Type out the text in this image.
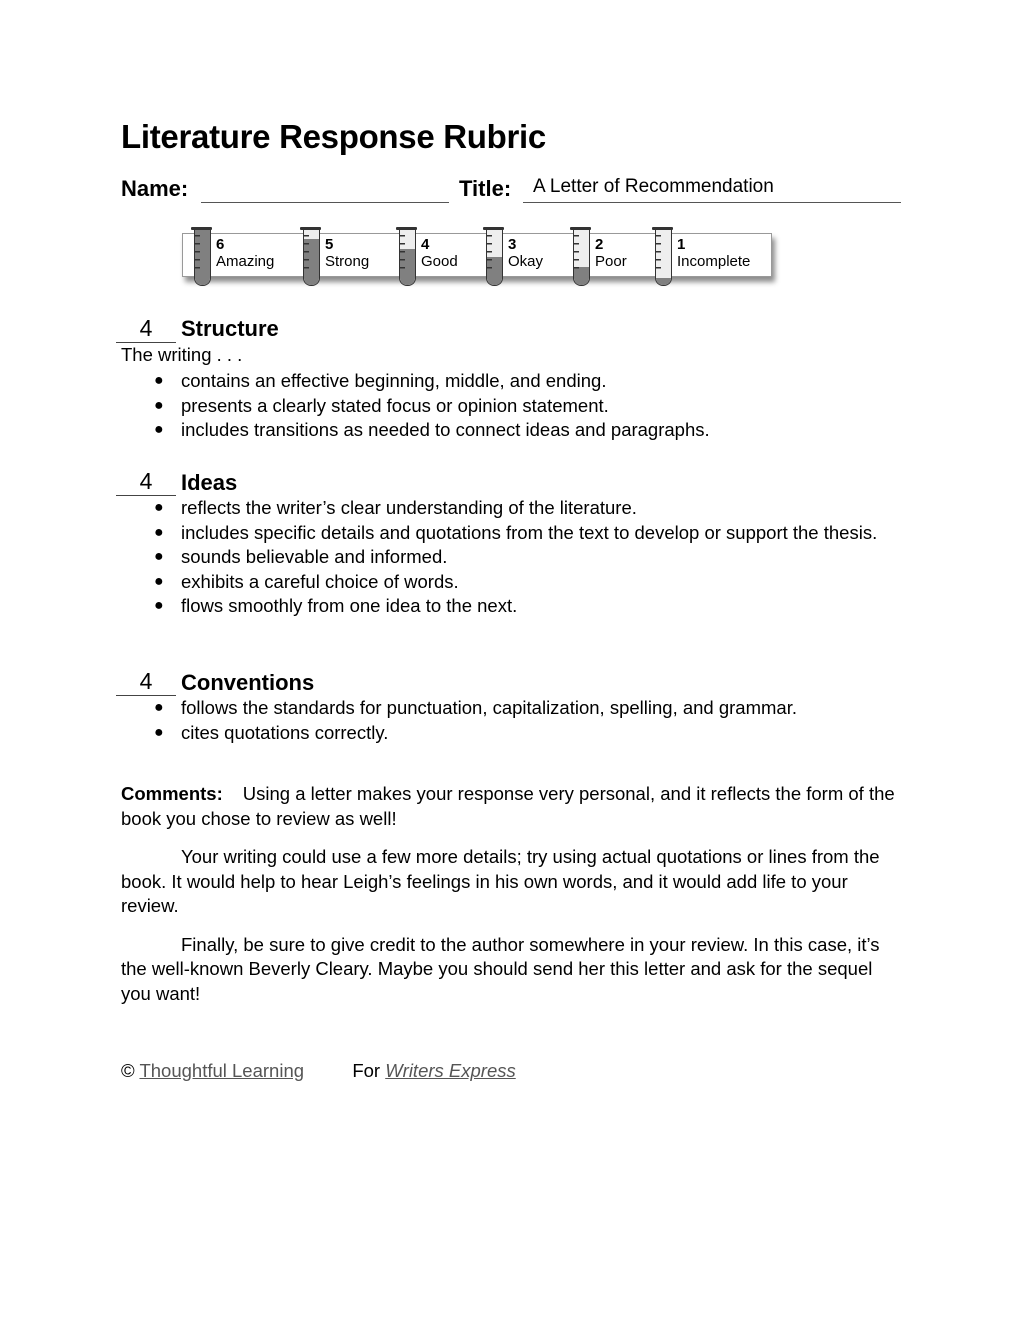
Literature Response Rubric
Name:	Title: A Letter of Recommendation
6
Amazing
5
Strong
4
Good
3
Okay
2
Poor
1
Incomplete
4	Structure
The writing . . .
● contains an effective beginning, middle, and ending.
● presents a clearly stated focus or opinion statement.
● includes transitions as needed to connect ideas and paragraphs.
4	Ideas
● reflects the writer’s clear understanding of the literature.
● includes specific details and quotations from the text to develop or support the thesis.
● sounds believable and informed.
● exhibits a careful choice of words.
● flows smoothly from one idea to the next.
4	Conventions
● follows the standards for punctuation, capitalization, spelling, and grammar.
● cites quotations correctly.

Comments: Using a letter makes your response very personal, and it reflects the form of the book you chose to review as well!

Your writing could use a few more details; try using actual quotations or lines from the book. It would help to hear Leigh’s feelings in his own words, and it would add life to your review.

Finally, be sure to give credit to the author somewhere in your review. In this case, it’s the well-known Beverly Cleary. Maybe you should send her this letter and ask for the sequel you want!

© Thoughtful Learning	For Writers Express
